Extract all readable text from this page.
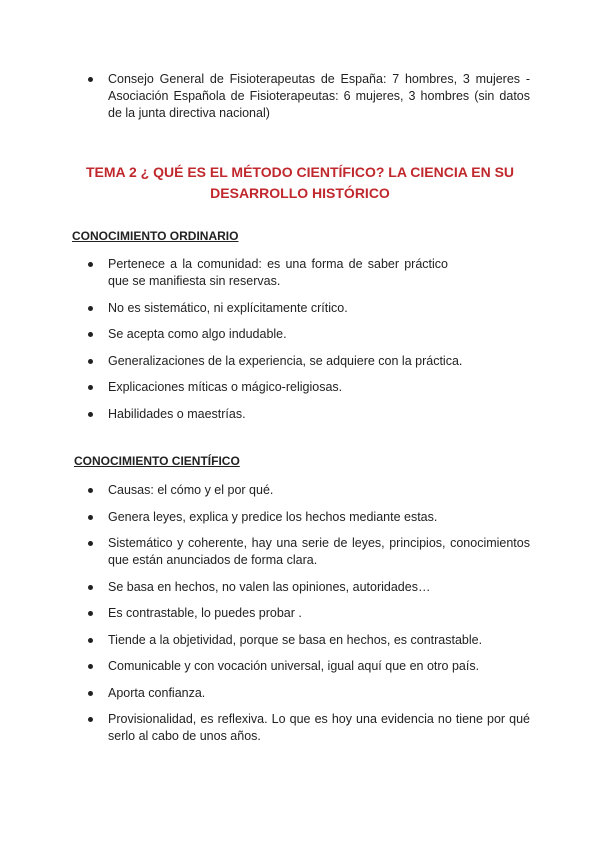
Consejo General de Fisioterapeutas de España: 7 hombres, 3 mujeres - Asociación Española de Fisioterapeutas: 6 mujeres, 3 hombres (sin datos de la junta directiva nacional)
TEMA 2 ¿ QUÉ ES EL MÉTODO CIENTÍFICO? LA CIENCIA EN SU DESARROLLO HISTÓRICO
CONOCIMIENTO ORDINARIO
Pertenece a la comunidad: es una forma de saber práctico que se manifiesta sin reservas.
No es sistemático, ni explícitamente crítico.
Se acepta como algo indudable.
Generalizaciones de la experiencia, se adquiere con la práctica.
Explicaciones míticas o mágico-religiosas.
Habilidades o maestrías.
CONOCIMIENTO CIENTÍFICO
Causas: el cómo y el por qué.
Genera leyes, explica y predice los hechos mediante estas.
Sistemático y coherente, hay una serie de leyes, principios, conocimientos que están anunciados de forma clara.
Se basa en hechos, no valen las opiniones, autoridades…
Es contrastable, lo puedes probar .
Tiende a la objetividad, porque se basa en hechos, es contrastable.
Comunicable y con vocación universal, igual aquí que en otro país.
Aporta confianza.
Provisionalidad, es reflexiva. Lo que es hoy una evidencia no tiene por qué serlo al cabo de unos años.
